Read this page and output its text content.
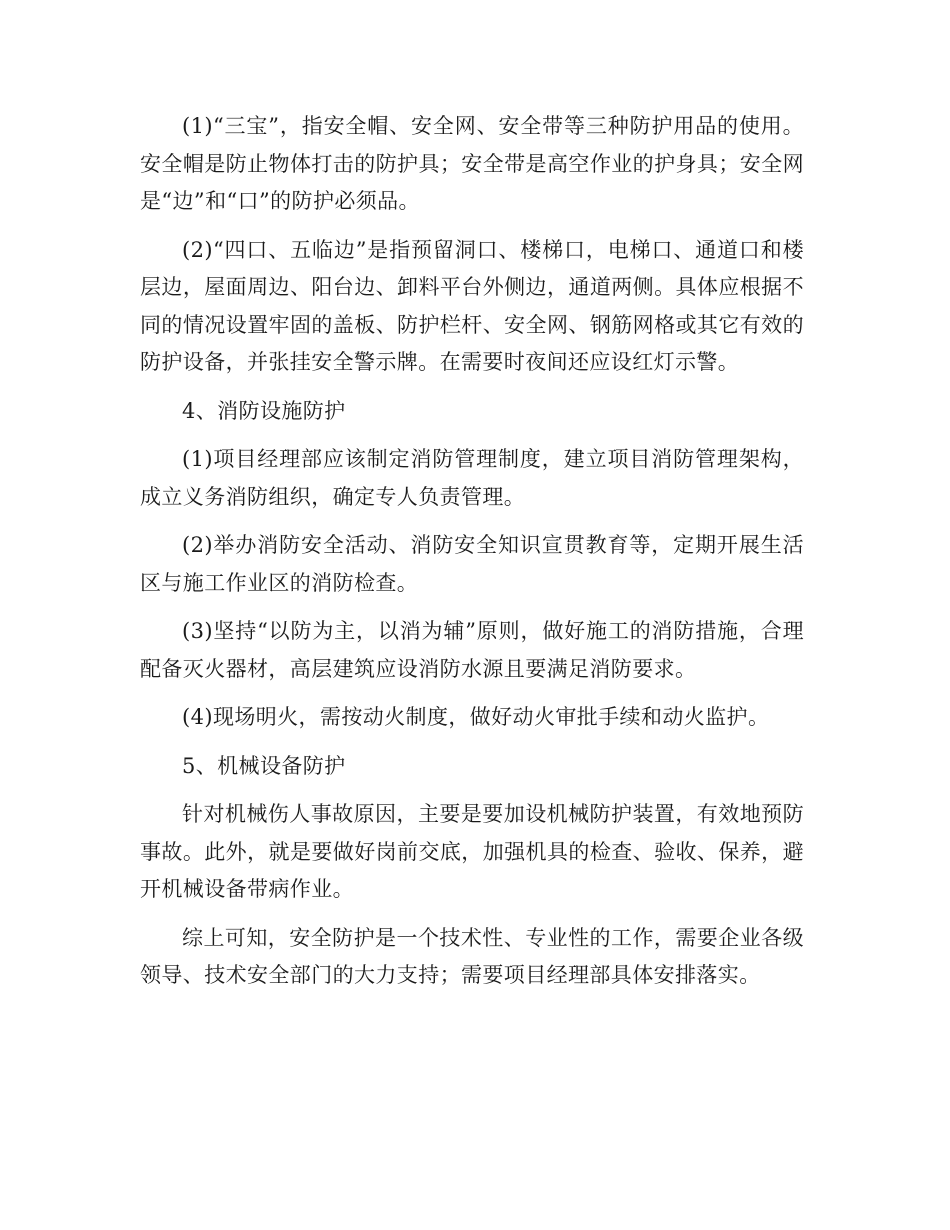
(1)“三宝”，指安全帽、安全网、安全带等三种防护用品的使用。安全帽是防止物体打击的防护具；安全带是高空作业的护身具；安全网是“边”和“口”的防护必须品。

(2)“四口、五临边”是指预留洞口、楼梯口，电梯口、通道口和楼层边，屋面周边、阳台边、卸料平台外侧边，通道两侧。具体应根据不同的情况设置牢固的盖板、防护栏杆、安全网、钢筋网格或其它有效的防护设备，并张挂安全警示牌。在需要时夜间还应设红灯示警。

4、消防设施防护

(1)项目经理部应该制定消防管理制度，建立项目消防管理架构，成立义务消防组织，确定专人负责管理。

(2)举办消防安全活动、消防安全知识宣贯教育等，定期开展生活区与施工作业区的消防检查。

(3)坚持“以防为主，以消为辅”原则，做好施工的消防措施，合理配备灭火器材，高层建筑应设消防水源且要满足消防要求。

(4)现场明火，需按动火制度，做好动火审批手续和动火监护。

5、机械设备防护

针对机械伤人事故原因，主要是要加设机械防护装置，有效地预防事故。此外，就是要做好岗前交底，加强机具的检查、验收、保养，避开机械设备带病作业。

综上可知，安全防护是一个技术性、专业性的工作，需要企业各级领导、技术安全部门的大力支持；需要项目经理部具体安排落实。
